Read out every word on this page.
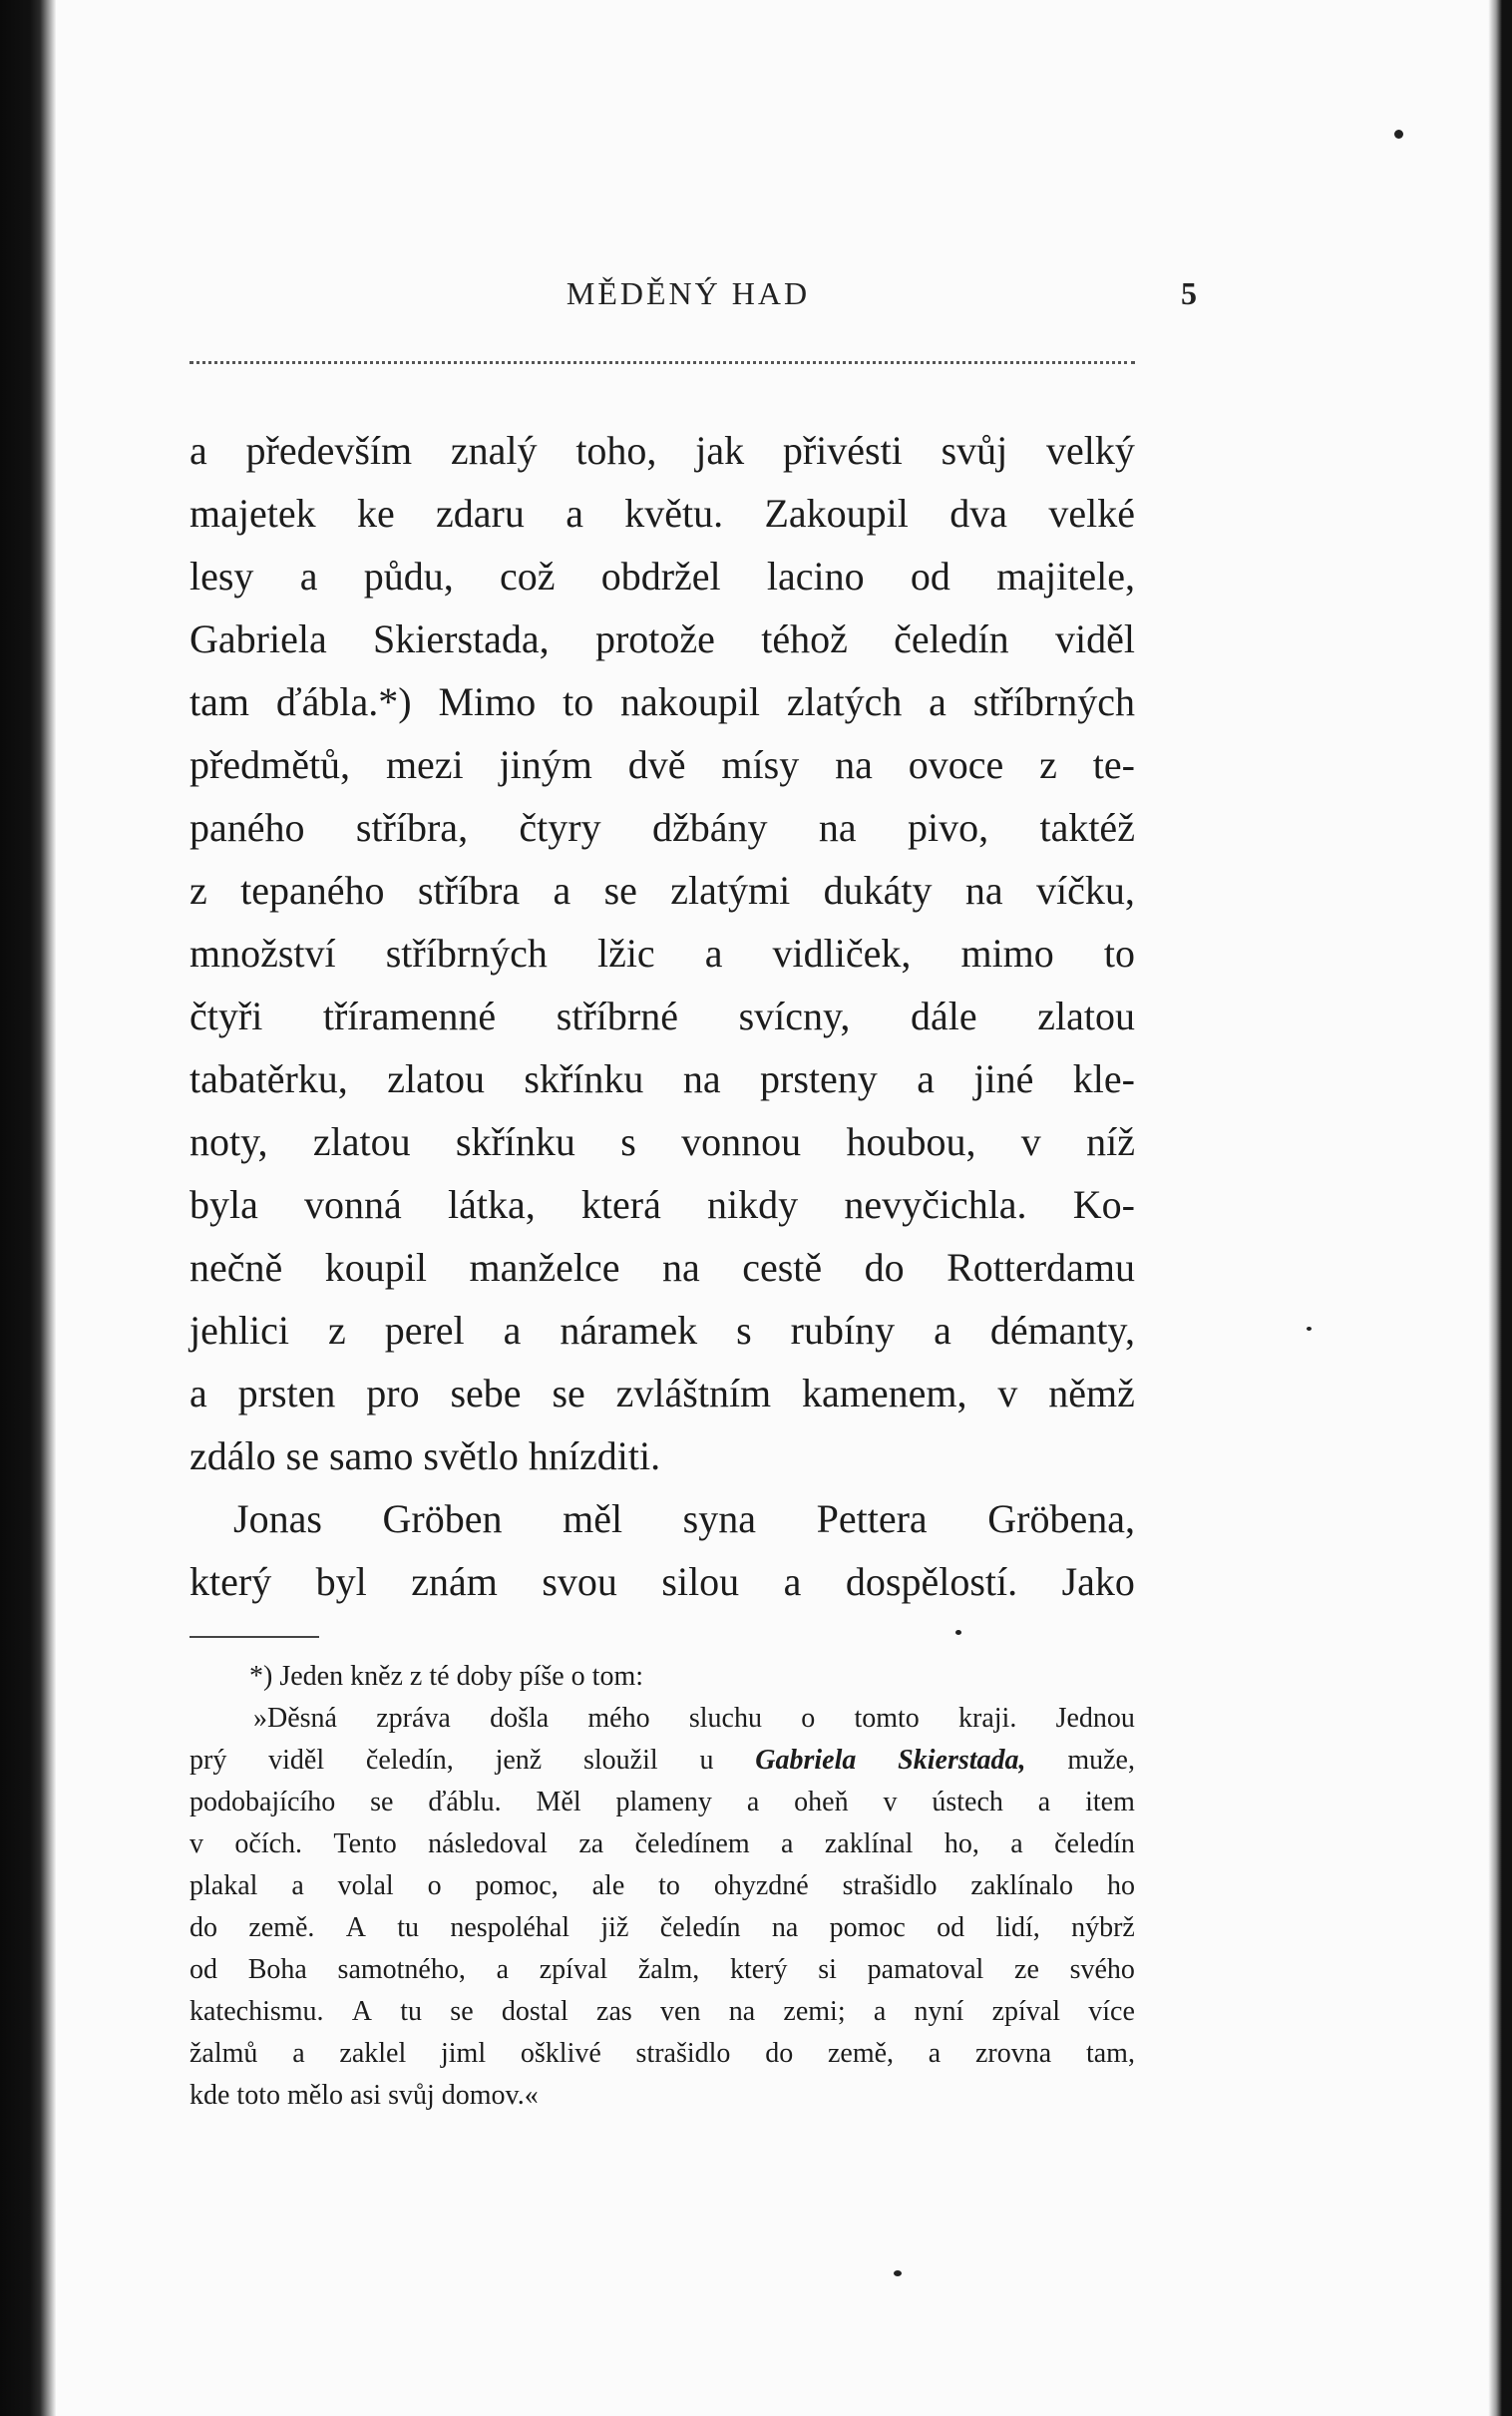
MĚDĚNÝ HAD	5
a především znalý toho, jak přivésti svůj velký
majetek ke zdaru a květu. Zakoupil dva velké
lesy a půdu, což obdržel lacino od majitele,
Gabriela Skierstada, protože téhož čeledín viděl
tam ďábla.*) Mimo to nakoupil zlatých a stříbrných
předmětů, mezi jiným dvě mísy na ovoce z te-
paného stříbra, čtyry džbány na pivo, taktéž
z tepaného stříbra a se zlatými dukáty na víčku,
množství stříbrných lžic a vidliček, mimo to
čtyři tříramenné stříbrné svícny, dále zlatou
tabatěrku, zlatou skřínku na prsteny a jiné kle-
noty, zlatou skřínku s vonnou houbou, v níž
byla vonná látka, která nikdy nevyčichla. Ko-
nečně koupil manželce na cestě do Rotterdamu
jehlici z perel a náramek s rubíny a démanty,
a prsten pro sebe se zvláštním kamenem, v němž
zdálo se samo světlo hnízditi.
Jonas Gröben měl syna Pettera Gröbena,
který byl znám svou silou a dospělostí. Jako
*) Jeden kněz z té doby píše o tom:
»Děsná zpráva došla mého sluchu o tomto kraji. Jednou
prý viděl čeledín, jenž sloužil u Gabriela Skierstada, muže,
podobajícího se ďáblu. Měl plameny a oheň v ústech a item
v očích. Tento následoval za čeledínem a zaklínal ho, a čeledín
plakal a volal o pomoc, ale to ohyzdné strašidlo zaklínalo ho
do země. A tu nespoléhal již čeledín na pomoc od lidí, nýbrž
od Boha samotného, a zpíval žalm, který si pamatoval ze svého
katechismu. A tu se dostal zas ven na zemi; a nyní zpíval více
žalmů a zaklel jiml ošklivé strašidlo do země, a zrovna tam,
kde toto mělo asi svůj domov.«
